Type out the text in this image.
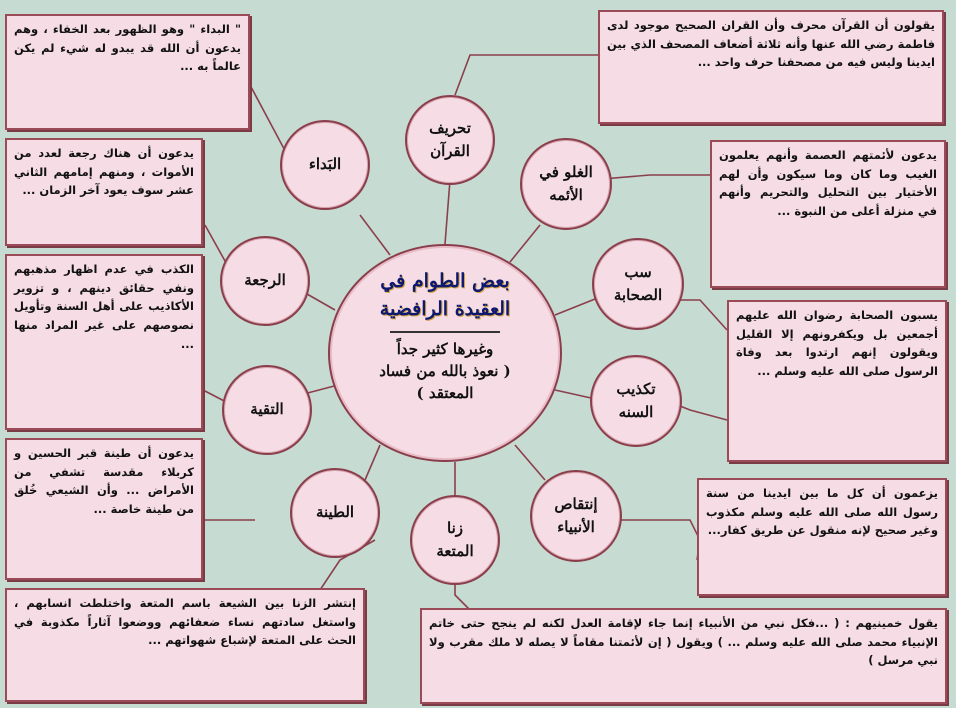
بعض الطوام في
العقيدة الرافضية
وغيرها كثير جداً
( نعوذ بالله من فساد
المعتقد )
تحريف
القرآن
الغلو في
الأئمه
سب
الصحابة
تكذيب
السنه
إنتقاص
الأنبياء
زنا
المتعة
الطينة
التقية
الرجعة
البَداء
يقولون أن القرآن محرف وأن القران الصحيح موجود لدى فاطمة رضي الله عنها وأنه ثلاثة أضعاف المصحف الذي بين ايدينا وليس فيه من مصحفنا حرف واحد ...
يدعون لأئمتهم العصمة وأنهم يعلمون الغيب وما كان وما سيكون وأن لهم الأختيار بين التحليل والتحريم وأنهم في منزلة أعلى من النبوة ...
يسبون الصحابة رضوان الله عليهم أجمعين بل ويكفرونهم إلا القليل ويقولون إنهم ارتدوا بعد وفاة الرسول صلى الله عليه وسلم ...
يزعمون أن كل ما بين ايدينا من سنة رسول الله صلى الله عليه وسلم مكذوب وغير صحيح لإنه منقول عن طريق كفار...
يقول خمينيهم : ( ...فكل نبي من الأنبياء إنما جاء لإقامة العدل لكنه لم ينجح حتى خاتم الإنبياء محمد صلى الله عليه وسلم ... ) ويقول ( إن لأئمتنا مقاماً لا يصله لا ملك مقرب ولا نبي مرسل )
إنتشر الزنا بين الشيعة باسم المتعة واختلطت انسابهم ، واستغل سادتهم نساء ضعفائهم ووضعوا آثاراً مكذوبة في الحث على المتعة لإشباع شهواتهم ...
يدعون أن طينة قبر الحسين و كربلاء مقدسة تشفي من الأمراض ... وأن الشيعي خُلق من طينة خاصة ...
الكذب في عدم اظهار مذهبهم ونفي حقائق دينهم ، و تزوير الأكاذيب على أهل السنة وتأويل نصوصهم على غير المراد منها ...
يدعون أن هناك رجعة لعدد من الأموات ، ومنهم إمامهم الثاني عشر سوف يعود آخر الزمان ...
" البداء " وهو الظهور بعد الخفاء ، وهم يدعون أن الله قد يبدو له شيء لم يكن عالماً به ...
